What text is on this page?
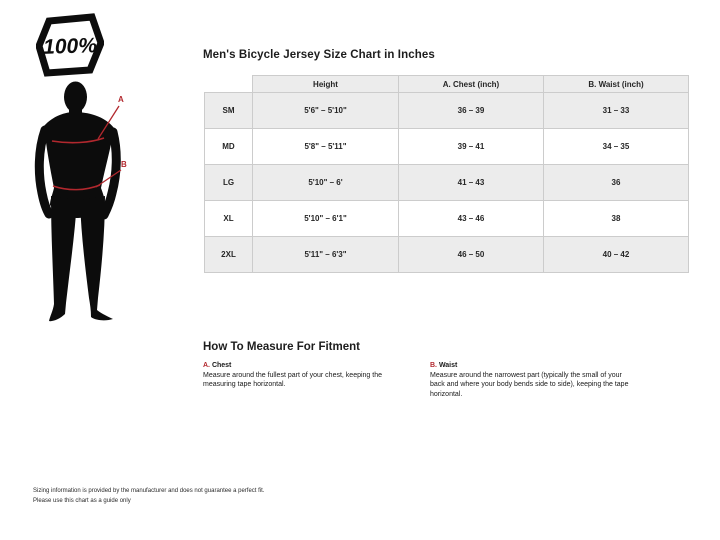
100%
A
B
Men's Bicycle Jersey Size Chart in Inches
	Height	A. Chest (inch)	B. Waist (inch)
SM	5'6" – 5'10"	36 – 39	31 – 33
MD	5'8" – 5'11"	39 – 41	34 – 35
LG	5'10" – 6'	41 – 43	36
XL	5'10" – 6'1"	43 – 46	38
2XL	5'11" – 6'3"	46 – 50	40 – 42
How To Measure For Fitment
A. Chest
Measure around the fullest part of your chest, keeping the measuring tape horizontal.
B. Waist
Measure around the narrowest part (typically the small of your back and where your body bends side to side), keeping the tape horizontal.
Sizing information is provided by the manufacturer and does not guarantee a perfect fit.
Please use this chart as a guide only
